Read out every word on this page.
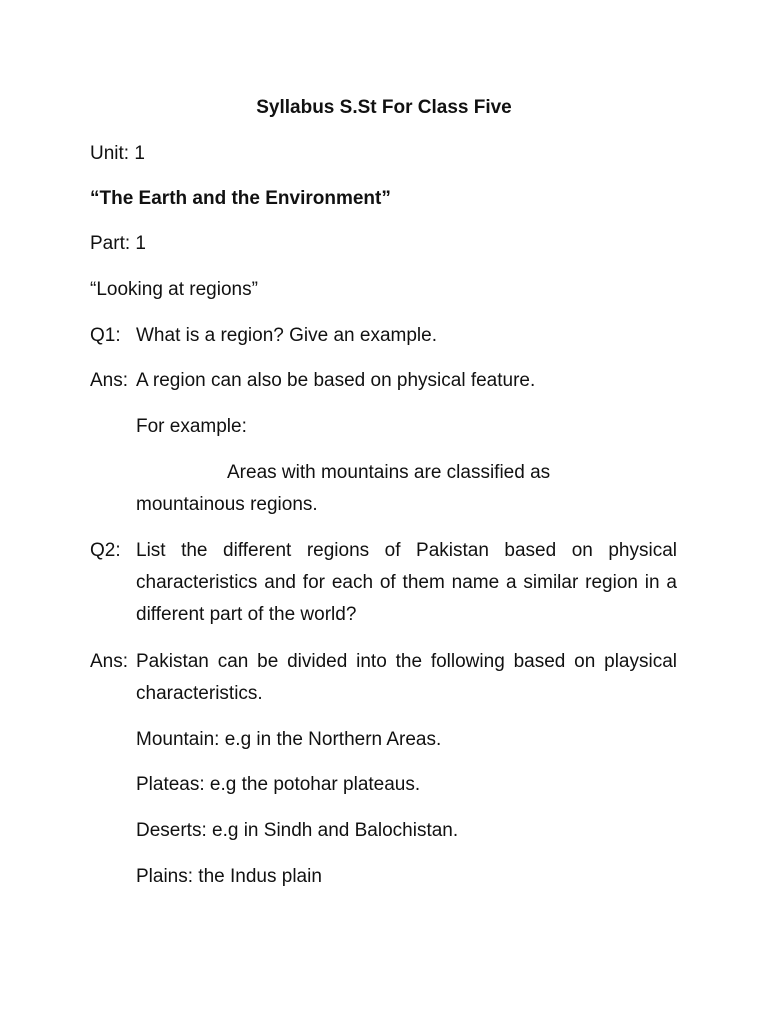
Syllabus S.St For Class Five
Unit: 1
“The Earth and the Environment”
Part: 1
“Looking at regions”
Q1: What is a region? Give an example.
Ans: A region can also be based on physical feature.
For example:
Areas with mountains are classified as
mountainous regions.
Q2: List the different regions of Pakistan based on physical characteristics and for each of them name a similar region in a different part of the world?
Ans: Pakistan can be divided into the following based on playsical characteristics.
Mountain: e.g in the Northern Areas.
Plateas: e.g the potohar plateaus.
Deserts: e.g in Sindh and Balochistan.
Plains: the Indus plain
